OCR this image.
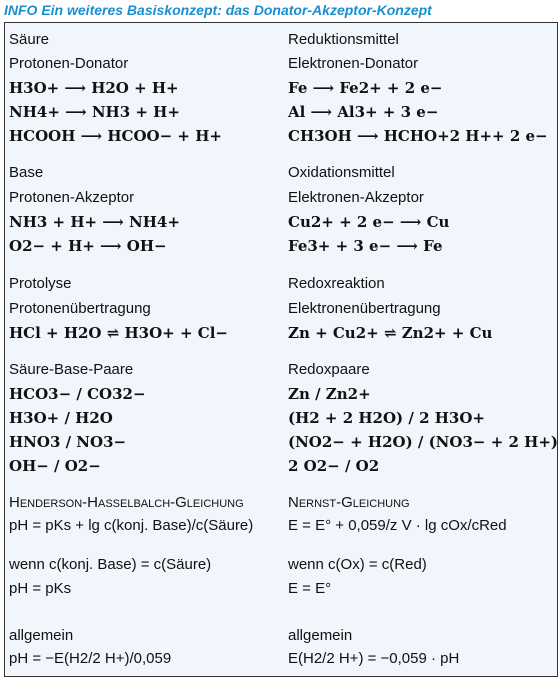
INFO Ein weiteres Basiskonzept: das Donator-Akzeptor-Konzept
Säure
Protonen-Donator
H3O+ ⟶ H2O + H+
NH4+ ⟶ NH3 + H+
HCOOH ⟶ HCOO− + H+
Base
Protonen-Akzeptor
NH3 + H+ ⟶ NH4+
O2− + H+ ⟶ OH−
Protolyse
Protonenübertragung
HCl + H2O ⇌ H3O+ + Cl−
Säure-Base-Paare
HCO3− / CO32−
H3O+ / H2O
HNO3 / NO3−
OH− / O2−
Henderson-Hasselbalch-Gleichung
pH = pKs + lg c(konj. Base)/c(Säure)
wenn c(konj. Base) = c(Säure)
pH = pKs
allgemein
pH = −E(H2/2 H+)/0,059
Reduktionsmittel
Elektronen-Donator
Fe ⟶ Fe2+ + 2 e−
Al ⟶ Al3+ + 3 e−
CH3OH ⟶ HCHO+2 H++ 2 e−
Oxidationsmittel
Elektronen-Akzeptor
Cu2+ + 2 e− ⟶ Cu
Fe3+ + 3 e− ⟶ Fe
Redoxreaktion
Elektronenübertragung
Zn + Cu2+ ⇌ Zn2+ + Cu
Redoxpaare
Zn / Zn2+
(H2 + 2 H2O) / 2 H3O+
(NO2− + H2O) / (NO3− + 2 H+)
2 O2− / O2
Nernst-Gleichung
E = E° + 0,059/z V · lg cOx/cRed
wenn c(Ox) = c(Red)
E = E°
allgemein
E(H2/2 H+) = −0,059 · pH
